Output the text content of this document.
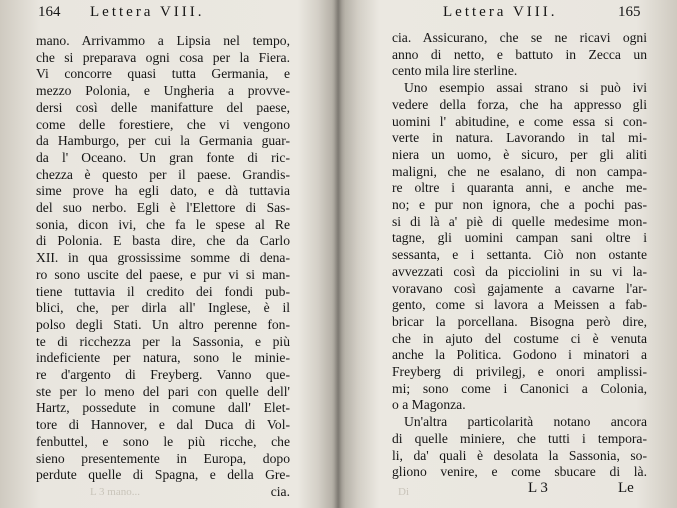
164 Lettera VIII.
mano. Arrivammo a Lipsia nel tempo,
che si preparava ogni cosa per la Fiera.
Vi concorre quasi tutta Germania, e
mezzo Polonia, e Ungheria a provve-
dersi così delle manifatture del paese,
come delle forestiere, che vi vengono
da Hamburgo, per cui la Germania guar-
da l' Oceano. Un gran fonte di ric-
chezza è questo per il paese. Grandis-
sime prove ha egli dato, e dà tuttavia
del suo nerbo. Egli è l'Elettore di Sas-
sonia, dicon ivi, che fa le spese al Re
di Polonia. E basta dire, che da Carlo
XII. in qua grossissime somme di dena-
ro sono uscite del paese, e pur vi si man-
tiene tuttavia il credito dei fondi pub-
blici, che, per dirla all' Inglese, è il
polso degli Stati. Un altro perenne fon-
te di ricchezza per la Sassonia, e più
indeficiente per natura, sono le minie-
re d'argento di Freyberg. Vanno que-
ste per lo meno del pari con quelle dell'
Hartz, possedute in comune dall' Elet-
tore di Hannover, e dal Duca di Vol-
fenbuttel, e sono le più ricche, che
sieno presentemente in Europa, dopo
perdute quelle di Spagna, e della Gre-
cia.
L 3 mano...
Lettera VIII.	165
cia. Assicurano, che se ne ricavi ogni
anno di netto, e battuto in Zecca un
cento mila lire sterline.
Uno esempio assai strano si può ivi
vedere della forza, che ha appresso gli
uomini l' abitudine, e come essa si con-
verte in natura. Lavorando in tal mi-
niera un uomo, è sicuro, per gli aliti
maligni, che ne esalano, di non campa-
re oltre i quaranta anni, e anche me-
no; e pur non ignora, che a pochi pas-
si di là a' piè di quelle medesime mon-
tagne, gli uomini campan sani oltre i
sessanta, e i settanta. Ciò non ostante
avvezzati così da picciolini in su vi la-
voravano così gajamente a cavarne l'ar-
gento, come si lavora a Meissen a fab-
bricar la porcellana. Bisogna però dire,
che in ajuto del costume ci è venuta
anche la Politica. Godono i minatori a
Freyberg di privilegj, e onori amplissi-
mi; sono come i Canonici a Colonia,
o a Magonza.
Un'altra particolarità notano ancora
di quelle miniere, che tutti i tempora-
li, da' quali è desolata la Sassonia, so-
gliono venire, e come sbucare di là.
L 3	Le
Di
